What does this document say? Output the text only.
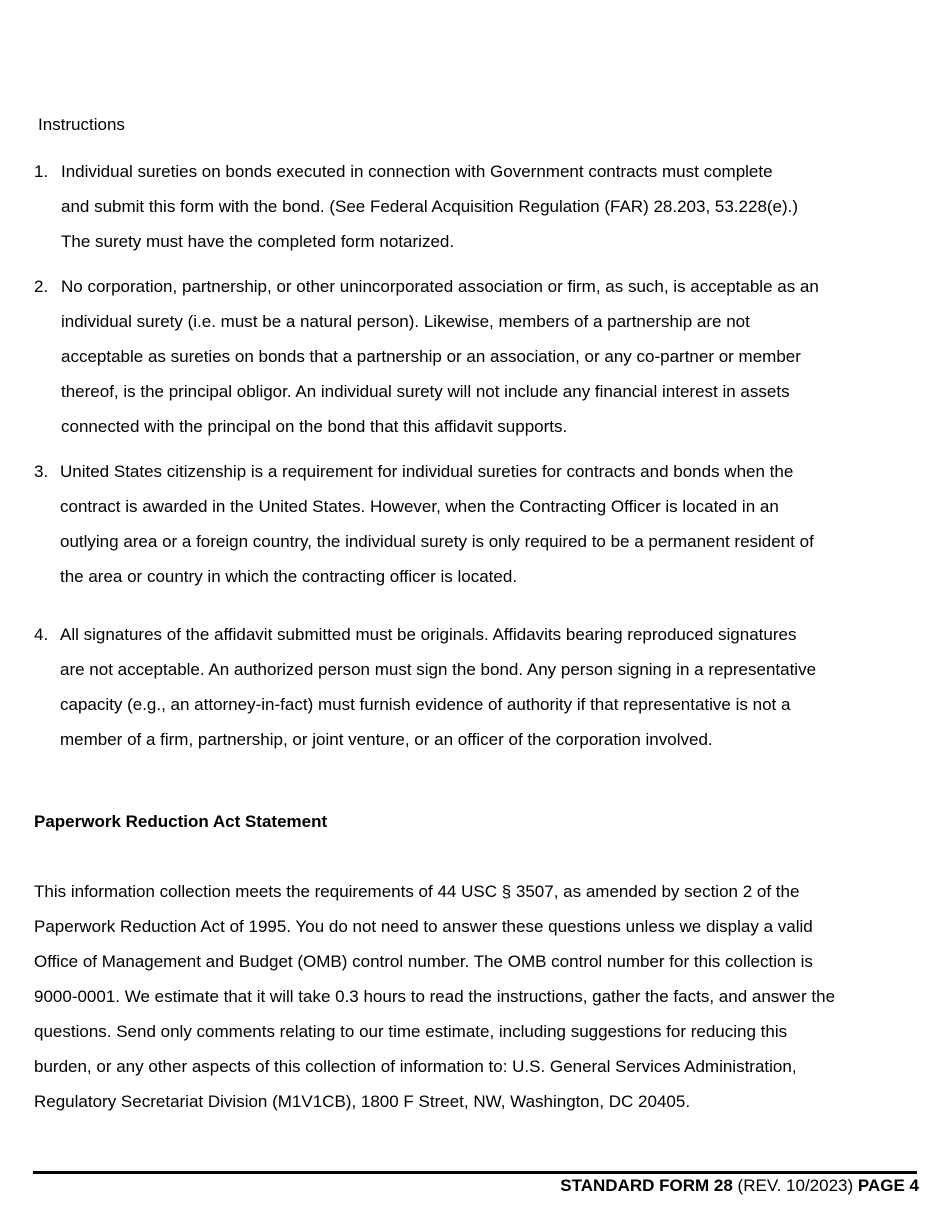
Instructions

1. Individual sureties on bonds executed in connection with Government contracts must complete
and submit this form with the bond. (See Federal Acquisition Regulation (FAR) 28.203, 53.228(e).)
The surety must have the completed form notarized.

2. No corporation, partnership, or other unincorporated association or firm, as such, is acceptable as an
individual surety (i.e. must be a natural person). Likewise, members of a partnership are not
acceptable as sureties on bonds that a partnership or an association, or any co-partner or member
thereof, is the principal obligor. An individual surety will not include any financial interest in assets
connected with the principal on the bond that this affidavit supports.

3. United States citizenship is a requirement for individual sureties for contracts and bonds when the
contract is awarded in the United States. However, when the Contracting Officer is located in an
outlying area or a foreign country, the individual surety is only required to be a permanent resident of
the area or country in which the contracting officer is located.

4. All signatures of the affidavit submitted must be originals. Affidavits bearing reproduced signatures
are not acceptable. An authorized person must sign the bond. Any person signing in a representative
capacity (e.g., an attorney-in-fact) must furnish evidence of authority if that representative is not a
member of a firm, partnership, or joint venture, or an officer of the corporation involved.

Paperwork Reduction Act Statement

This information collection meets the requirements of 44 USC § 3507, as amended by section 2 of the
Paperwork Reduction Act of 1995. You do not need to answer these questions unless we display a valid
Office of Management and Budget (OMB) control number. The OMB control number for this collection is
9000-0001. We estimate that it will take 0.3 hours to read the instructions, gather the facts, and answer the
questions. Send only comments relating to our time estimate, including suggestions for reducing this
burden, or any other aspects of this collection of information to: U.S. General Services Administration,
Regulatory Secretariat Division (M1V1CB), 1800 F Street, NW, Washington, DC 20405.

STANDARD FORM 28 (REV. 10/2023) PAGE 4
